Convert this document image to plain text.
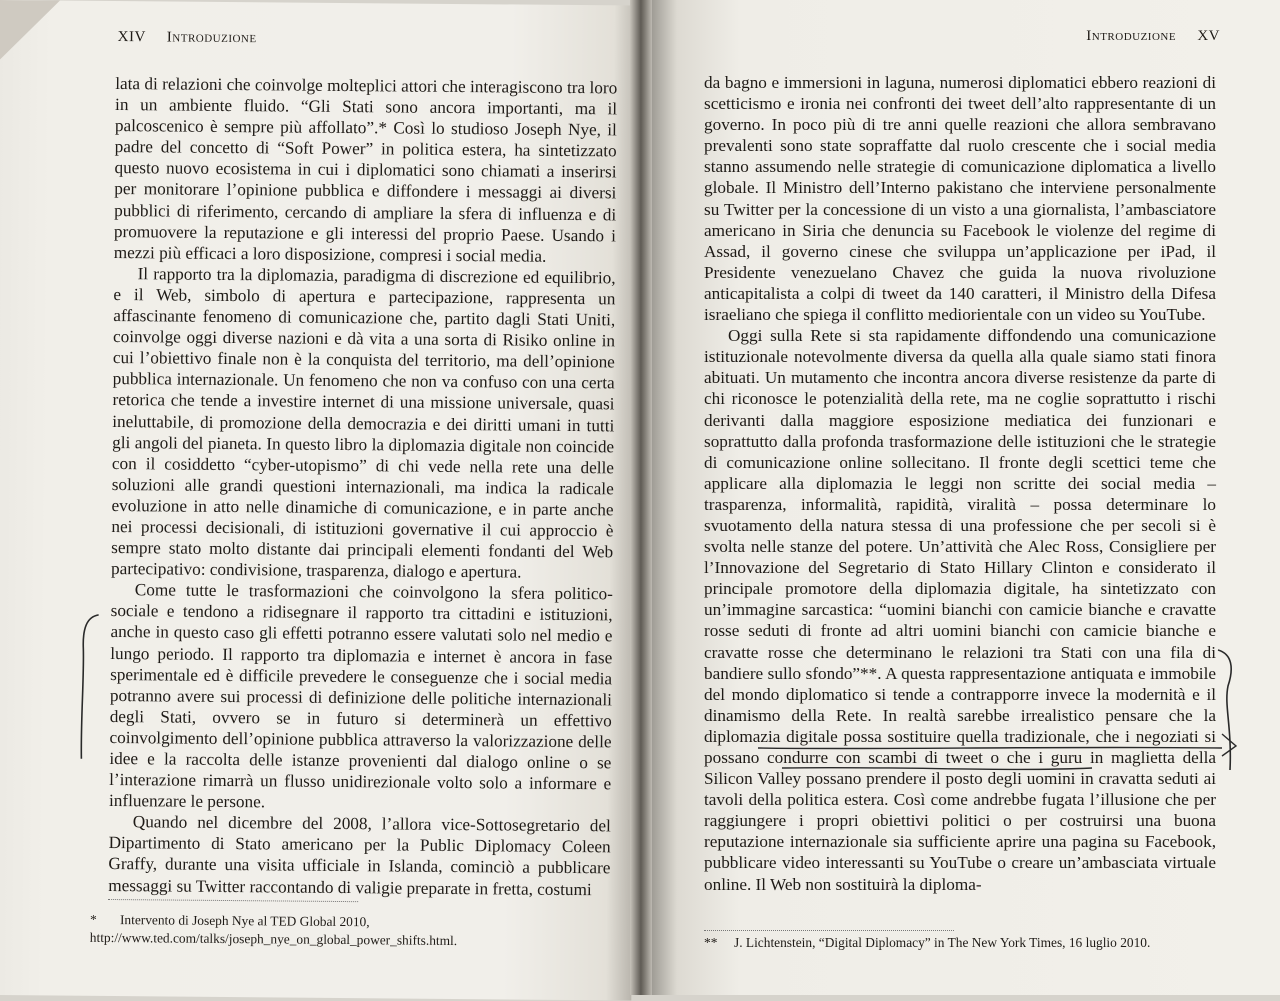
XIV Introduzione

lata di relazioni che coinvolge molteplici attori che interagiscono tra loro in un ambiente fluido. “Gli Stati sono ancora importanti, ma il palcoscenico è sempre più affollato”.* Così lo studioso Joseph Nye, il padre del concetto di “Soft Power” in politica estera, ha sintetizzato questo nuovo ecosistema in cui i diplomatici sono chiamati a inserirsi per monitorare l’opinione pubblica e diffondere i messaggi ai diversi pubblici di riferimento, cercando di ampliare la sfera di influenza e di promuovere la reputazione e gli interessi del proprio Paese. Usando i mezzi più efficaci a loro disposizione, compresi i social media.

Il rapporto tra la diplomazia, paradigma di discrezione ed equilibrio, e il Web, simbolo di apertura e partecipazione, rappresenta un affascinante fenomeno di comunicazione che, partito dagli Stati Uniti, coinvolge oggi diverse nazioni e dà vita a una sorta di Risiko online in cui l’obiettivo finale non è la conquista del territorio, ma dell’opinione pubblica internazionale. Un fenomeno che non va confuso con una certa retorica che tende a investire internet di una missione universale, quasi ineluttabile, di promozione della democrazia e dei diritti umani in tutti gli angoli del pianeta. In questo libro la diplomazia digitale non coincide con il cosiddetto “cyber-utopismo” di chi vede nella rete una delle soluzioni alle grandi questioni internazionali, ma indica la radicale evoluzione in atto nelle dinamiche di comunicazione, e in parte anche nei processi decisionali, di istituzioni governative il cui approccio è sempre stato molto distante dai principali elementi fondanti del Web partecipativo: condivisione, trasparenza, dialogo e apertura.

Come tutte le trasformazioni che coinvolgono la sfera politico-sociale e tendono a ridisegnare il rapporto tra cittadini e istituzioni, anche in questo caso gli effetti potranno essere valutati solo nel medio e lungo periodo. Il rapporto tra diplomazia e internet è ancora in fase sperimentale ed è difficile prevedere le conseguenze che i social media potranno avere sui processi di definizione delle politiche internazionali degli Stati, ovvero se in futuro si determinerà un effettivo coinvolgimento dell’opinione pubblica attraverso la valorizzazione delle idee e la raccolta delle istanze provenienti dal dialogo online o se l’interazione rimarrà un flusso unidirezionale volto solo a informare e influenzare le persone.

Quando nel dicembre del 2008, l’allora vice-Sottosegretario del Dipartimento di Stato americano per la Public Diplomacy Coleen Graffy, durante una visita ufficiale in Islanda, cominciò a pubblicare messaggi su Twitter raccontando di valigie preparate in fretta, costumi

* Intervento di Joseph Nye al TED Global 2010, http://www.ted.com/talks/joseph_nye_on_global_power_shifts.html.
Introduzione XV

da bagno e immersioni in laguna, numerosi diplomatici ebbero reazioni di scetticismo e ironia nei confronti dei tweet dell’alto rappresentante di un governo. In poco più di tre anni quelle reazioni che allora sembravano prevalenti sono state sopraffatte dal ruolo crescente che i social media stanno assumendo nelle strategie di comunicazione diplomatica a livello globale. Il Ministro dell’Interno pakistano che interviene personalmente su Twitter per la concessione di un visto a una giornalista, l’ambasciatore americano in Siria che denuncia su Facebook le violenze del regime di Assad, il governo cinese che sviluppa un’applicazione per iPad, il Presidente venezuelano Chavez che guida la nuova rivoluzione anticapitalista a colpi di tweet da 140 caratteri, il Ministro della Difesa israeliano che spiega il conflitto mediorientale con un video su YouTube.

Oggi sulla Rete si sta rapidamente diffondendo una comunicazione istituzionale notevolmente diversa da quella alla quale siamo stati finora abituati. Un mutamento che incontra ancora diverse resistenze da parte di chi riconosce le potenzialità della rete, ma ne coglie soprattutto i rischi derivanti dalla maggiore esposizione mediatica dei funzionari e soprattutto dalla profonda trasformazione delle istituzioni che le strategie di comunicazione online sollecitano. Il fronte degli scettici teme che applicare alla diplomazia le leggi non scritte dei social media – trasparenza, informalità, rapidità, viralità – possa determinare lo svuotamento della natura stessa di una professione che per secoli si è svolta nelle stanze del potere. Un’attività che Alec Ross, Consigliere per l’Innovazione del Segretario di Stato Hillary Clinton e considerato il principale promotore della diplomazia digitale, ha sintetizzato con un’immagine sarcastica: “uomini bianchi con camicie bianche e cravatte rosse seduti di fronte ad altri uomini bianchi con camicie bianche e cravatte rosse che determinano le relazioni tra Stati con una fila di bandiere sullo sfondo”**. A questa rappresentazione antiquata e immobile del mondo diplomatico si tende a contrapporre invece la modernità e il dinamismo della Rete. In realtà sarebbe irrealistico pensare che la diplomazia digitale possa sostituire quella tradizionale, che i negoziati si possano condurre con scambi di tweet o che i guru in maglietta della Silicon Valley possano prendere il posto degli uomini in cravatta seduti ai tavoli della politica estera. Così come andrebbe fugata l’illusione che per raggiungere i propri obiettivi politici o per costruirsi una buona reputazione internazionale sia sufficiente aprire una pagina su Facebook, pubblicare video interessanti su YouTube o creare un’ambasciata virtuale online. Il Web non sostituirà la diploma-

** J. Lichtenstein, “Digital Diplomacy” in The New York Times, 16 luglio 2010.
